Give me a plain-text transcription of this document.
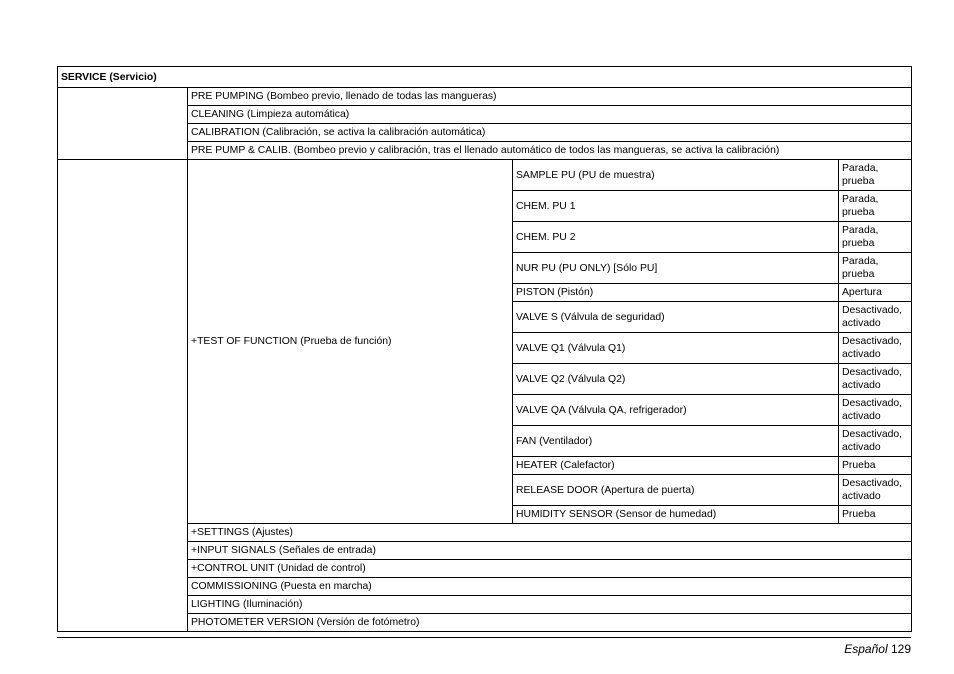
SERVICE (Servicio)			
	PRE PUMPING (Bombeo previo, llenado de todas las mangueras)		
	CLEANING (Limpieza automática)		
	CALIBRATION (Calibración, se activa la calibración automática)		
	PRE PUMP & CALIB. (Bombeo previo y calibración, tras el llenado automático de todos las mangueras, se activa la calibración)		
	+TEST OF FUNCTION (Prueba de función)	SAMPLE PU (PU de muestra)	Parada, prueba
		CHEM. PU 1	Parada, prueba
		CHEM. PU 2	Parada, prueba
		NUR PU (PU ONLY) [Sólo PU]	Parada, prueba
		PISTON (Pistón)	Apertura
		VALVE S (Válvula de seguridad)	Desactivado, activado
		VALVE Q1 (Válvula Q1)	Desactivado, activado
		VALVE Q2 (Válvula Q2)	Desactivado, activado
		VALVE QA (Válvula QA, refrigerador)	Desactivado, activado
		FAN (Ventilador)	Desactivado, activado
		HEATER (Calefactor)	Prueba
		RELEASE DOOR (Apertura de puerta)	Desactivado, activado
		HUMIDITY SENSOR (Sensor de humedad)	Prueba
	+SETTINGS (Ajustes)		
	+INPUT SIGNALS (Señales de entrada)		
	+CONTROL UNIT (Unidad de control)		
	COMMISSIONING (Puesta en marcha)		
	LIGHTING (Iluminación)		
	PHOTOMETER VERSION (Versión de fotómetro)		
Español 129
